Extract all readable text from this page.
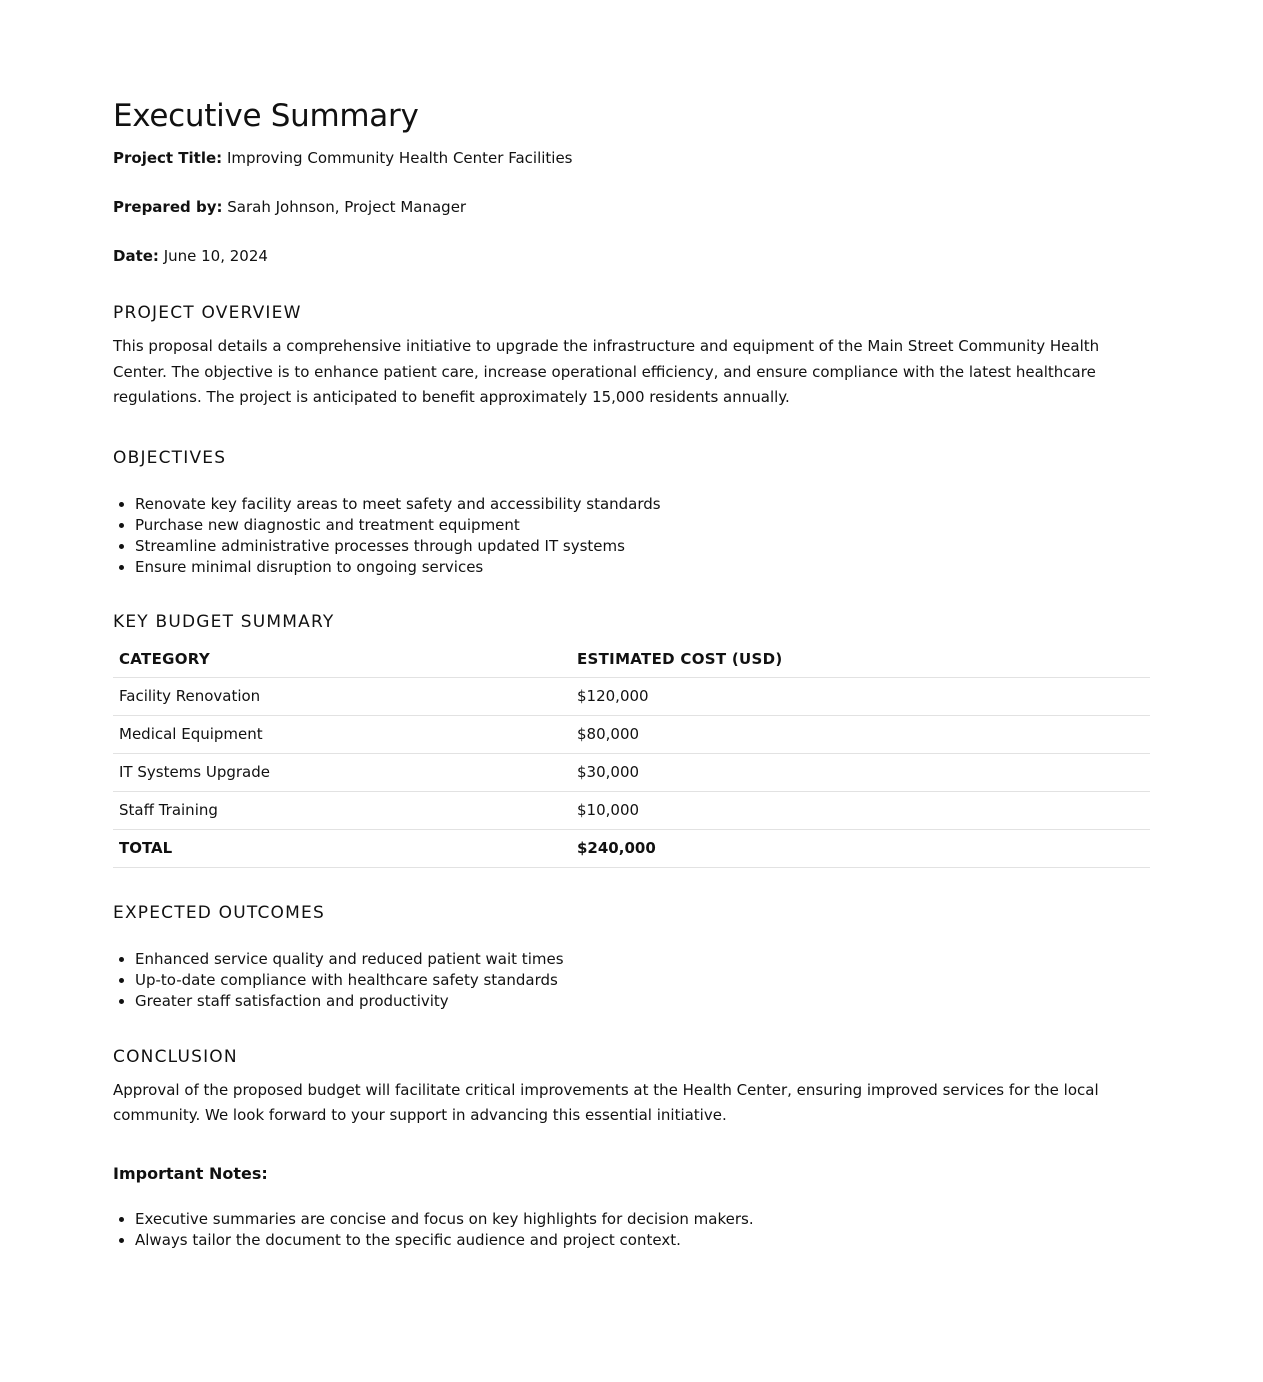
Executive Summary

Project Title: Improving Community Health Center Facilities

Prepared by: Sarah Johnson, Project Manager

Date: June 10, 2024

PROJECT OVERVIEW

This proposal details a comprehensive initiative to upgrade the infrastructure and equipment of the Main Street Community Health Center. The objective is to enhance patient care, increase operational efficiency, and ensure compliance with the latest healthcare regulations. The project is anticipated to benefit approximately 15,000 residents annually.

OBJECTIVES
• Renovate key facility areas to meet safety and accessibility standards
• Purchase new diagnostic and treatment equipment
• Streamline administrative processes through updated IT systems
• Ensure minimal disruption to ongoing services
KEY BUDGET SUMMARY
CATEGORY	ESTIMATED COST (USD)
Facility Renovation	$120,000
Medical Equipment	$80,000
IT Systems Upgrade	$30,000
Staff Training	$10,000
TOTAL	$240,000
EXPECTED OUTCOMES
• Enhanced service quality and reduced patient wait times
• Up-to-date compliance with healthcare safety standards
• Greater staff satisfaction and productivity
CONCLUSION

Approval of the proposed budget will facilitate critical improvements at the Health Center, ensuring improved services for the local community. We look forward to your support in advancing this essential initiative.

Important Notes:

• Executive summaries are concise and focus on key highlights for decision makers.
• Always tailor the document to the specific audience and project context.
